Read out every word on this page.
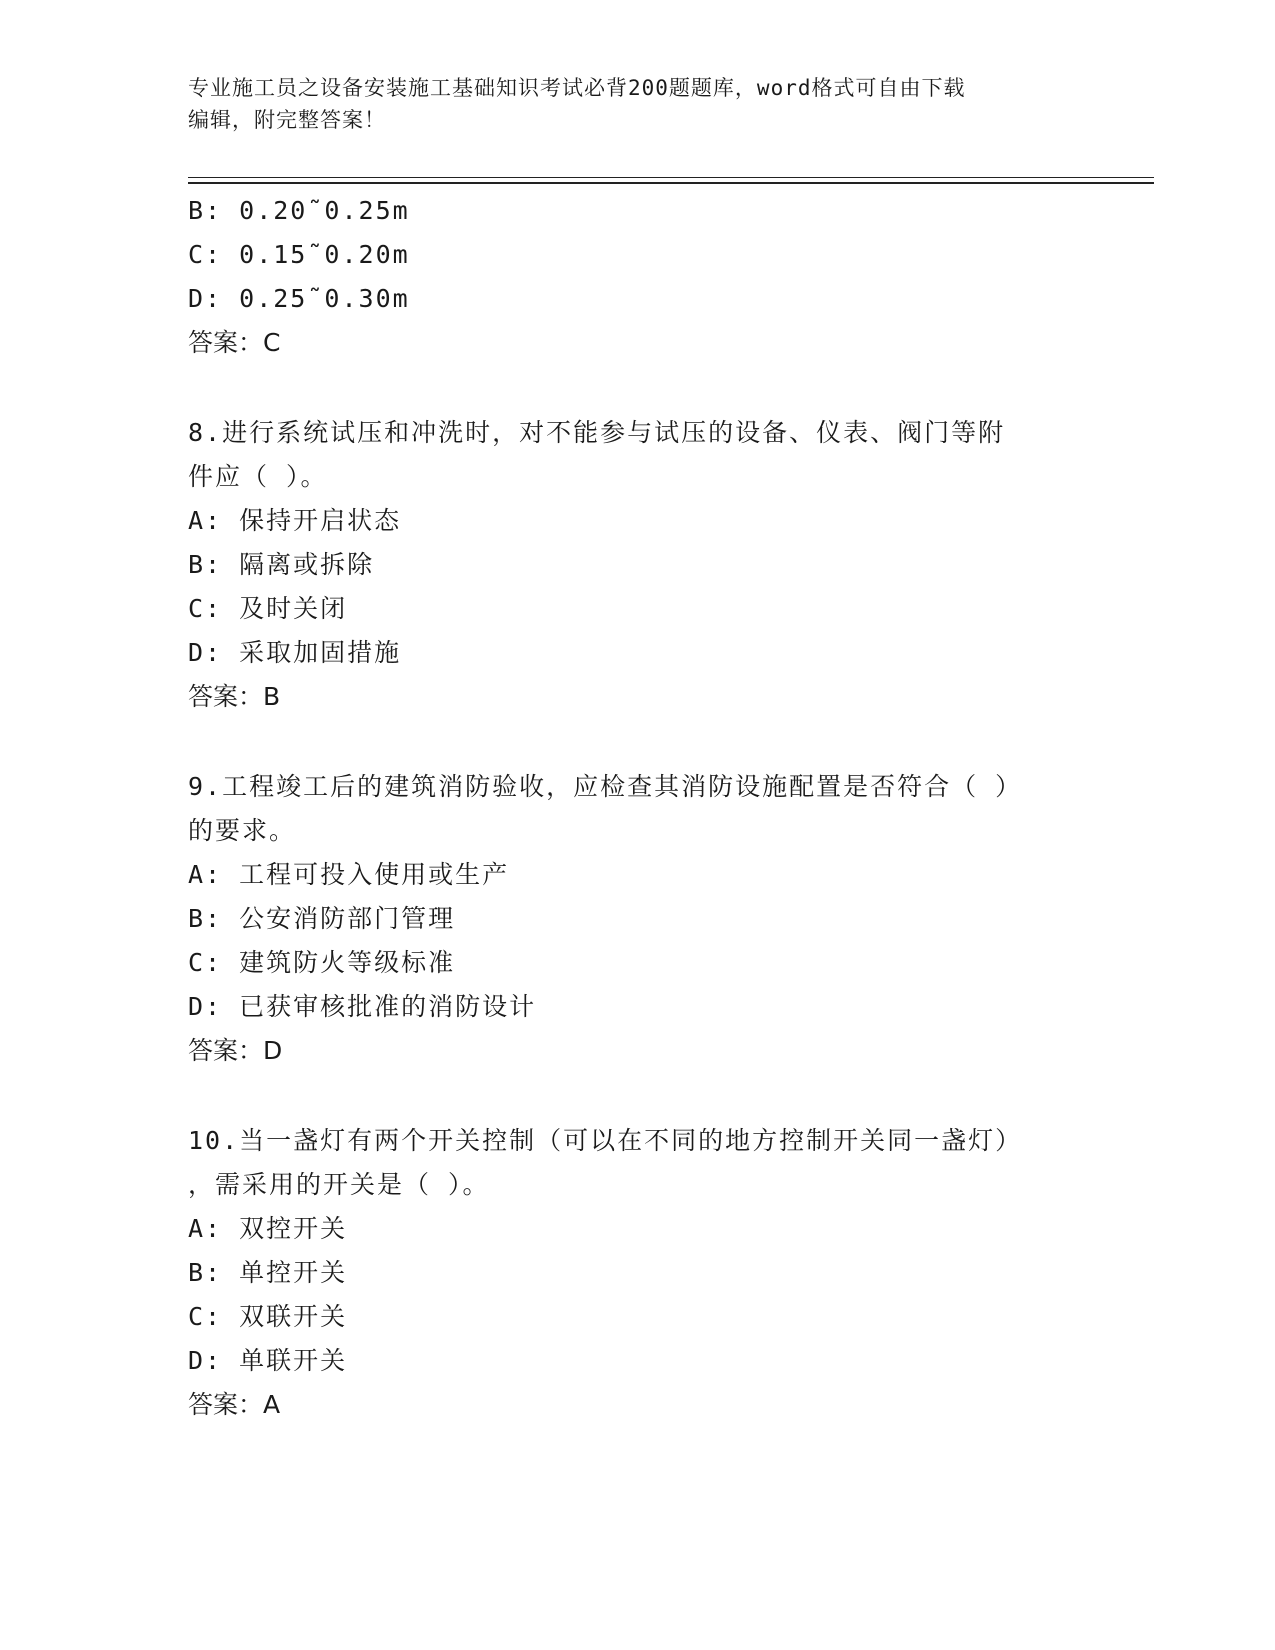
专业施工员之设备安装施工基础知识考试必背200题题库，word格式可自由下载
编辑，附完整答案！
B: 0.20˜0.25m
C: 0.15˜0.20m
D: 0.25˜0.30m
答案：C
8.进行系统试压和冲洗时，对不能参与试压的设备、仪表、阀门等附
件应（ ）。
A: 保持开启状态
B: 隔离或拆除
C: 及时关闭
D: 采取加固措施
答案：B
9.工程竣工后的建筑消防验收，应检查其消防设施配置是否符合（ ）
的要求。
A: 工程可投入使用或生产
B: 公安消防部门管理
C: 建筑防火等级标准
D: 已获审核批准的消防设计
答案：D
10.当一盏灯有两个开关控制（可以在不同的地方控制开关同一盏灯）
，需采用的开关是（ ）。
A: 双控开关
B: 单控开关
C: 双联开关
D: 单联开关
答案：A
